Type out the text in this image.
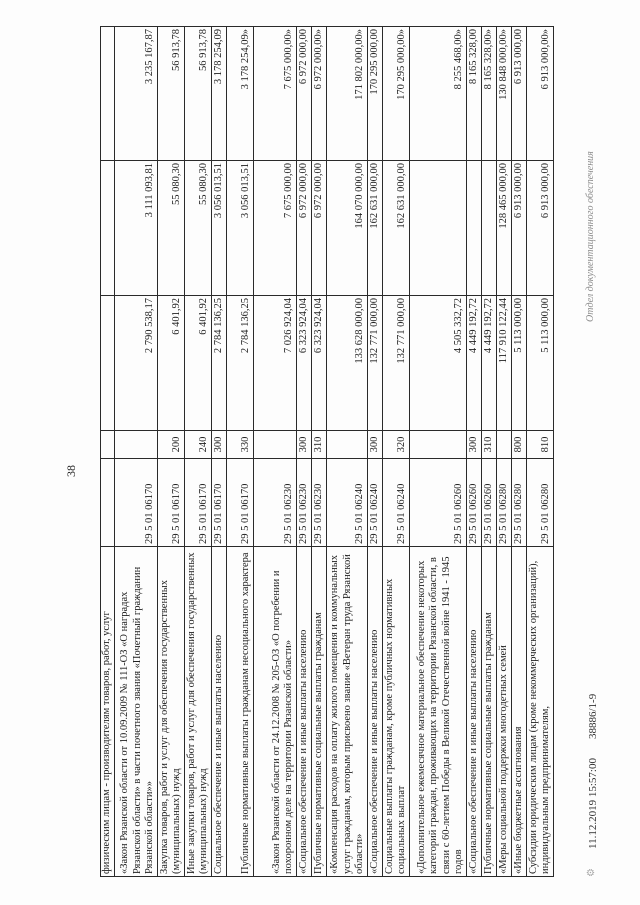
38
физическим лицам - производителям товаров, работ, услуг					
«Закон Рязанской области от 10.09.2009 № 111-ОЗ «О наградах Рязанской области» в части почетного звания «Почетный гражданин Рязанской области»»	29 5 01 06170		2 790 538,17	3 111 093,81	3 235 167,87
Закупка товаров, работ и услуг для обеспечения государственных (муниципальных) нужд	29 5 01 06170	200	6 401,92	55 080,30	56 913,78
Иные закупки товаров, работ и услуг для обеспечения государственных (муниципальных) нужд	29 5 01 06170	240	6 401,92	55 080,30	56 913,78
Социальное обеспечение и иные выплаты населению	29 5 01 06170	300	2 784 136,25	3 056 013,51	3 178 254,09
Публичные нормативные выплаты гражданам несоциального характера	29 5 01 06170	330	2 784 136,25	3 056 013,51	3 178 254,09»
«Закон Рязанской области от 24.12.2008 № 205-ОЗ «О погребении и похоронном деле на территории Рязанской области»	29 5 01 06230		7 026 924,04	7 675 000,00	7 675 000,00»
«Социальное обеспечение и иные выплаты населению	29 5 01 06230	300	6 323 924,04	6 972 000,00	6 972 000,00
Публичные нормативные социальные выплаты гражданам	29 5 01 06230	310	6 323 924,04	6 972 000,00	6 972 000,00»
«Компенсация расходов на оплату жилого помещения и коммунальных услуг гражданам, которым присвоено звание «Ветеран труда Рязанской области»	29 5 01 06240		133 628 000,00	164 070 000,00	171 802 000,00»
«Социальное обеспечение и иные выплаты населению	29 5 01 06240	300	132 771 000,00	162 631 000,00	170 295 000,00
Социальные выплаты гражданам, кроме публичных нормативных социальных выплат	29 5 01 06240	320	132 771 000,00	162 631 000,00	170 295 000,00»
«Дополнительное ежемесячное материальное обеспечение некоторых категорий граждан, проживающих на территории Рязанской области, в связи с 60-летием Победы в Великой Отечественной войне 1941 - 1945 годов	29 5 01 06260		4 505 332,72		8 255 468,00»
«Социальное обеспечение и иные выплаты населению	29 5 01 06260	300	4 449 192,72		8 165 328,00
Публичные нормативные социальные выплаты гражданам	29 5 01 06260	310	4 449 192,72		8 165 328,00»
«Меры социальной поддержки многодетных семей	29 5 01 06280		117 910 122,44	128 465 000,00	130 848 000,00»
«Иные бюджетные ассигнования	29 5 01 06280	800	5 113 000,00	6 913 000,00	6 913 000,00
Субсидии юридическим лицам (кроме некоммерческих организаций), индивидуальным предпринимателям,	29 5 01 06280	810	5 113 000,00	6 913 000,00	6 913 000,00»
⚙
11.12.2019 15:57:00
38886/1-9
Отдел документационного обеспечения
